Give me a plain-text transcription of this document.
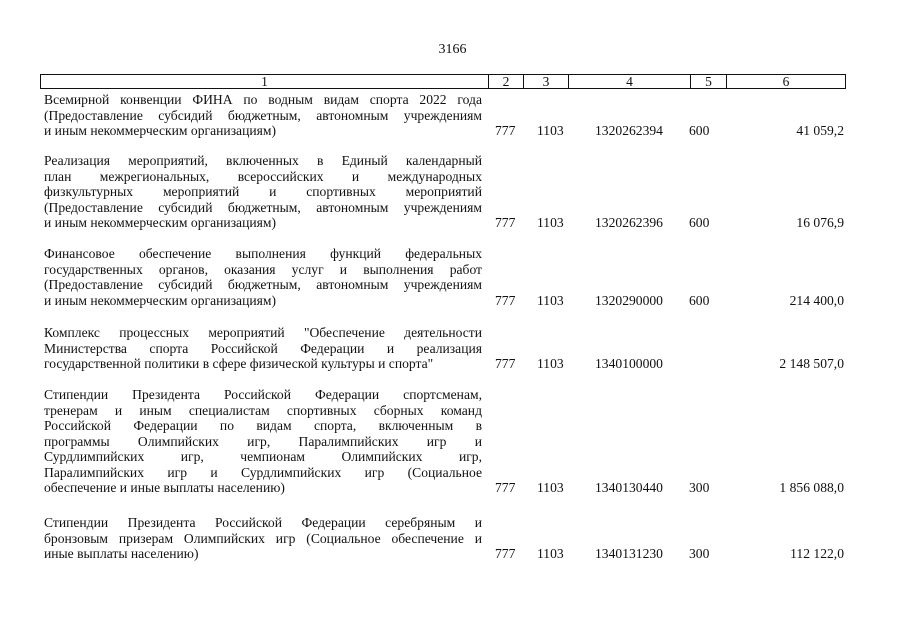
3166
1	2	3	4	5	6
Всемирной конвенции ФИНА по водным видам спорта 2022 года
(Предоставление субсидий бюджетным, автономным учреждениям
и иным некоммерческим организациям)	777 1103 1320262394 600	41 059,2
Реализация мероприятий, включенных в Единый календарный
план межрегиональных, всероссийских и международных
физкультурных мероприятий и спортивных мероприятий
(Предоставление субсидий бюджетным, автономным учреждениям
и иным некоммерческим организациям)	777 1103 1320262396 600	16 076,9
Финансовое обеспечение выполнения функций федеральных
государственных органов, оказания услуг и выполнения работ
(Предоставление субсидий бюджетным, автономным учреждениям
и иным некоммерческим организациям)	777 1103 1320290000 600	214 400,0
Комплекс процессных мероприятий "Обеспечение деятельности
Министерства спорта Российской Федерации и реализация
государственной политики в сфере физической культуры и спорта"	777 1103 1340100000	2 148 507,0
Стипендии Президента Российской Федерации спортсменам,
тренерам и иным специалистам спортивных сборных команд
Российской Федерации по видам спорта, включенным в
программы Олимпийских игр, Паралимпийских игр и
Сурдлимпийских игр, чемпионам Олимпийских игр,
Паралимпийских игр и Сурдлимпийских игр (Социальное
обеспечение и иные выплаты населению)	777 1103 1340130440 300	1 856 088,0
Стипендии Президента Российской Федерации серебряным и
бронзовым призерам Олимпийских игр (Социальное обеспечение и
иные выплаты населению)	777 1103 1340131230 300	112 122,0
